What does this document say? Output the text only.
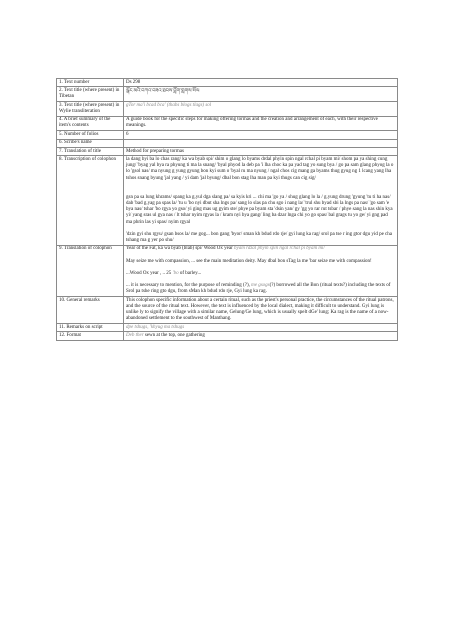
1. Text number	Ds 298
2. Text title (where present) in Tibetan	ལྒོར་མའི་བཀའ་བཟའ་ཐབས་བློག་གླགས་སོལ
3. Text title (where present) in Wylie transliteration	gTor ma'i bcad bca' (thabs blogs tlags) sol
4. A brief summary of the item's contents	A guide book for the specific steps for making offering tormas and the creation and arrangement of each, with their respective meanings.
5. Number of folios	6
6. Scribe's name	
7. Translation of title	Method for preparing tormas
8. Transcription of colophon	la dang byi ba lo chas rang/ ka wa byab spi/ shim o glang lo byams drdal phyin spin ngal rchal pi byam mi/ shom pa ya shing cung jung/ 'byag yal bya ra phyung ti ma la snang/ 'byal phyod la deb pa 'i lha choc ka pa yad tag yo sung bya / go pa sam glang phyog la o lo 'gsol nas/ ma nyung g yung gyung bon kyi sum o 'byal ru ma nyung / ngal chos cig mang ga byams thug gyug ng 1 lcang yang lha tshos snang byung 'jal yang / yi dam 'jal byung/ dbal bon stag lha man pa kyi thugs can cig sig/

gsn pa sa lung khrams/ spang ka g.yul dga slang pa/ sa kyis kri ... chi ma 'go ya / shug glang lo la / g.yung drung 'gyung 'tu ti ha nas/ dab 'bad g.yag pa spas la/ 'tu u 'bo nyi dbut sha lngs pa/ sang lo slas pa chu sgo i nang la/ 'trul shu byad sbi la lngs pa nas/ 'go sam 'e bya nas/ tshar 'bo rgya yo gso/ yi ging mas ug gyim ste/ phye pa byam sta 'dsin yan/ gy 'gg yo rar rut tsbar / phye sang la nas shin kya yi/ yang sras ul gya nas / lt tshar nyim rgyas la / kram nyi bya gang/ ling ba dzar lnga chi yo go spas/ bal grags tu yo ge/ yi gng pad ma phrin las yi spas/ nyim rgyal

'dzin gyi shu rgyu/ gsan bsos la/ me gog... bon gang 'byor/ sman kh bdud rdo rje/ gyi lung ka rag/ srol pa tse r ing gtor dgu yid pe cha tshang ma g yer po shu/

9. Translation of colophon	Year of the Fat, ka wa byab (blab) spi/ Wood Ox year byam rdzal phyin spin ngal rchal pi byam mi/

May seize me with compassion, ... see the main meditation deity. May dbal bon sTag la me 'bar seize me with compassion!

...Wood Ox year , .. 25 'bo of barley...

... it is necessary to mention, for the purpose of reminding (?), me gsogs(?) borrowed all the Bon (ritual texts?) including the texts of Srol pa tshe ring gto dgu, from sMan kh bdud rdo rje, Gyi lung ka rag.

10. General remarks	This colophon specific information about a certain ritual, such as the priest's personal practice, the circumstances of the ritual patrons, and the source of the ritual text. However, the text is influenced by the local dialect, making it difficult to understand. Gyi lung is unlike ly to signify the village with a similar name, Gelung/Ge lung, which is usually spelt dGe' lung; Ka rag is the name of a now-abandoned settlement to the southwest of Manthang.
11. Remarks on script	dpe tshugs, 'khyug ma tshugs
12. Format	Deb ther sewn at the top, one gathering
